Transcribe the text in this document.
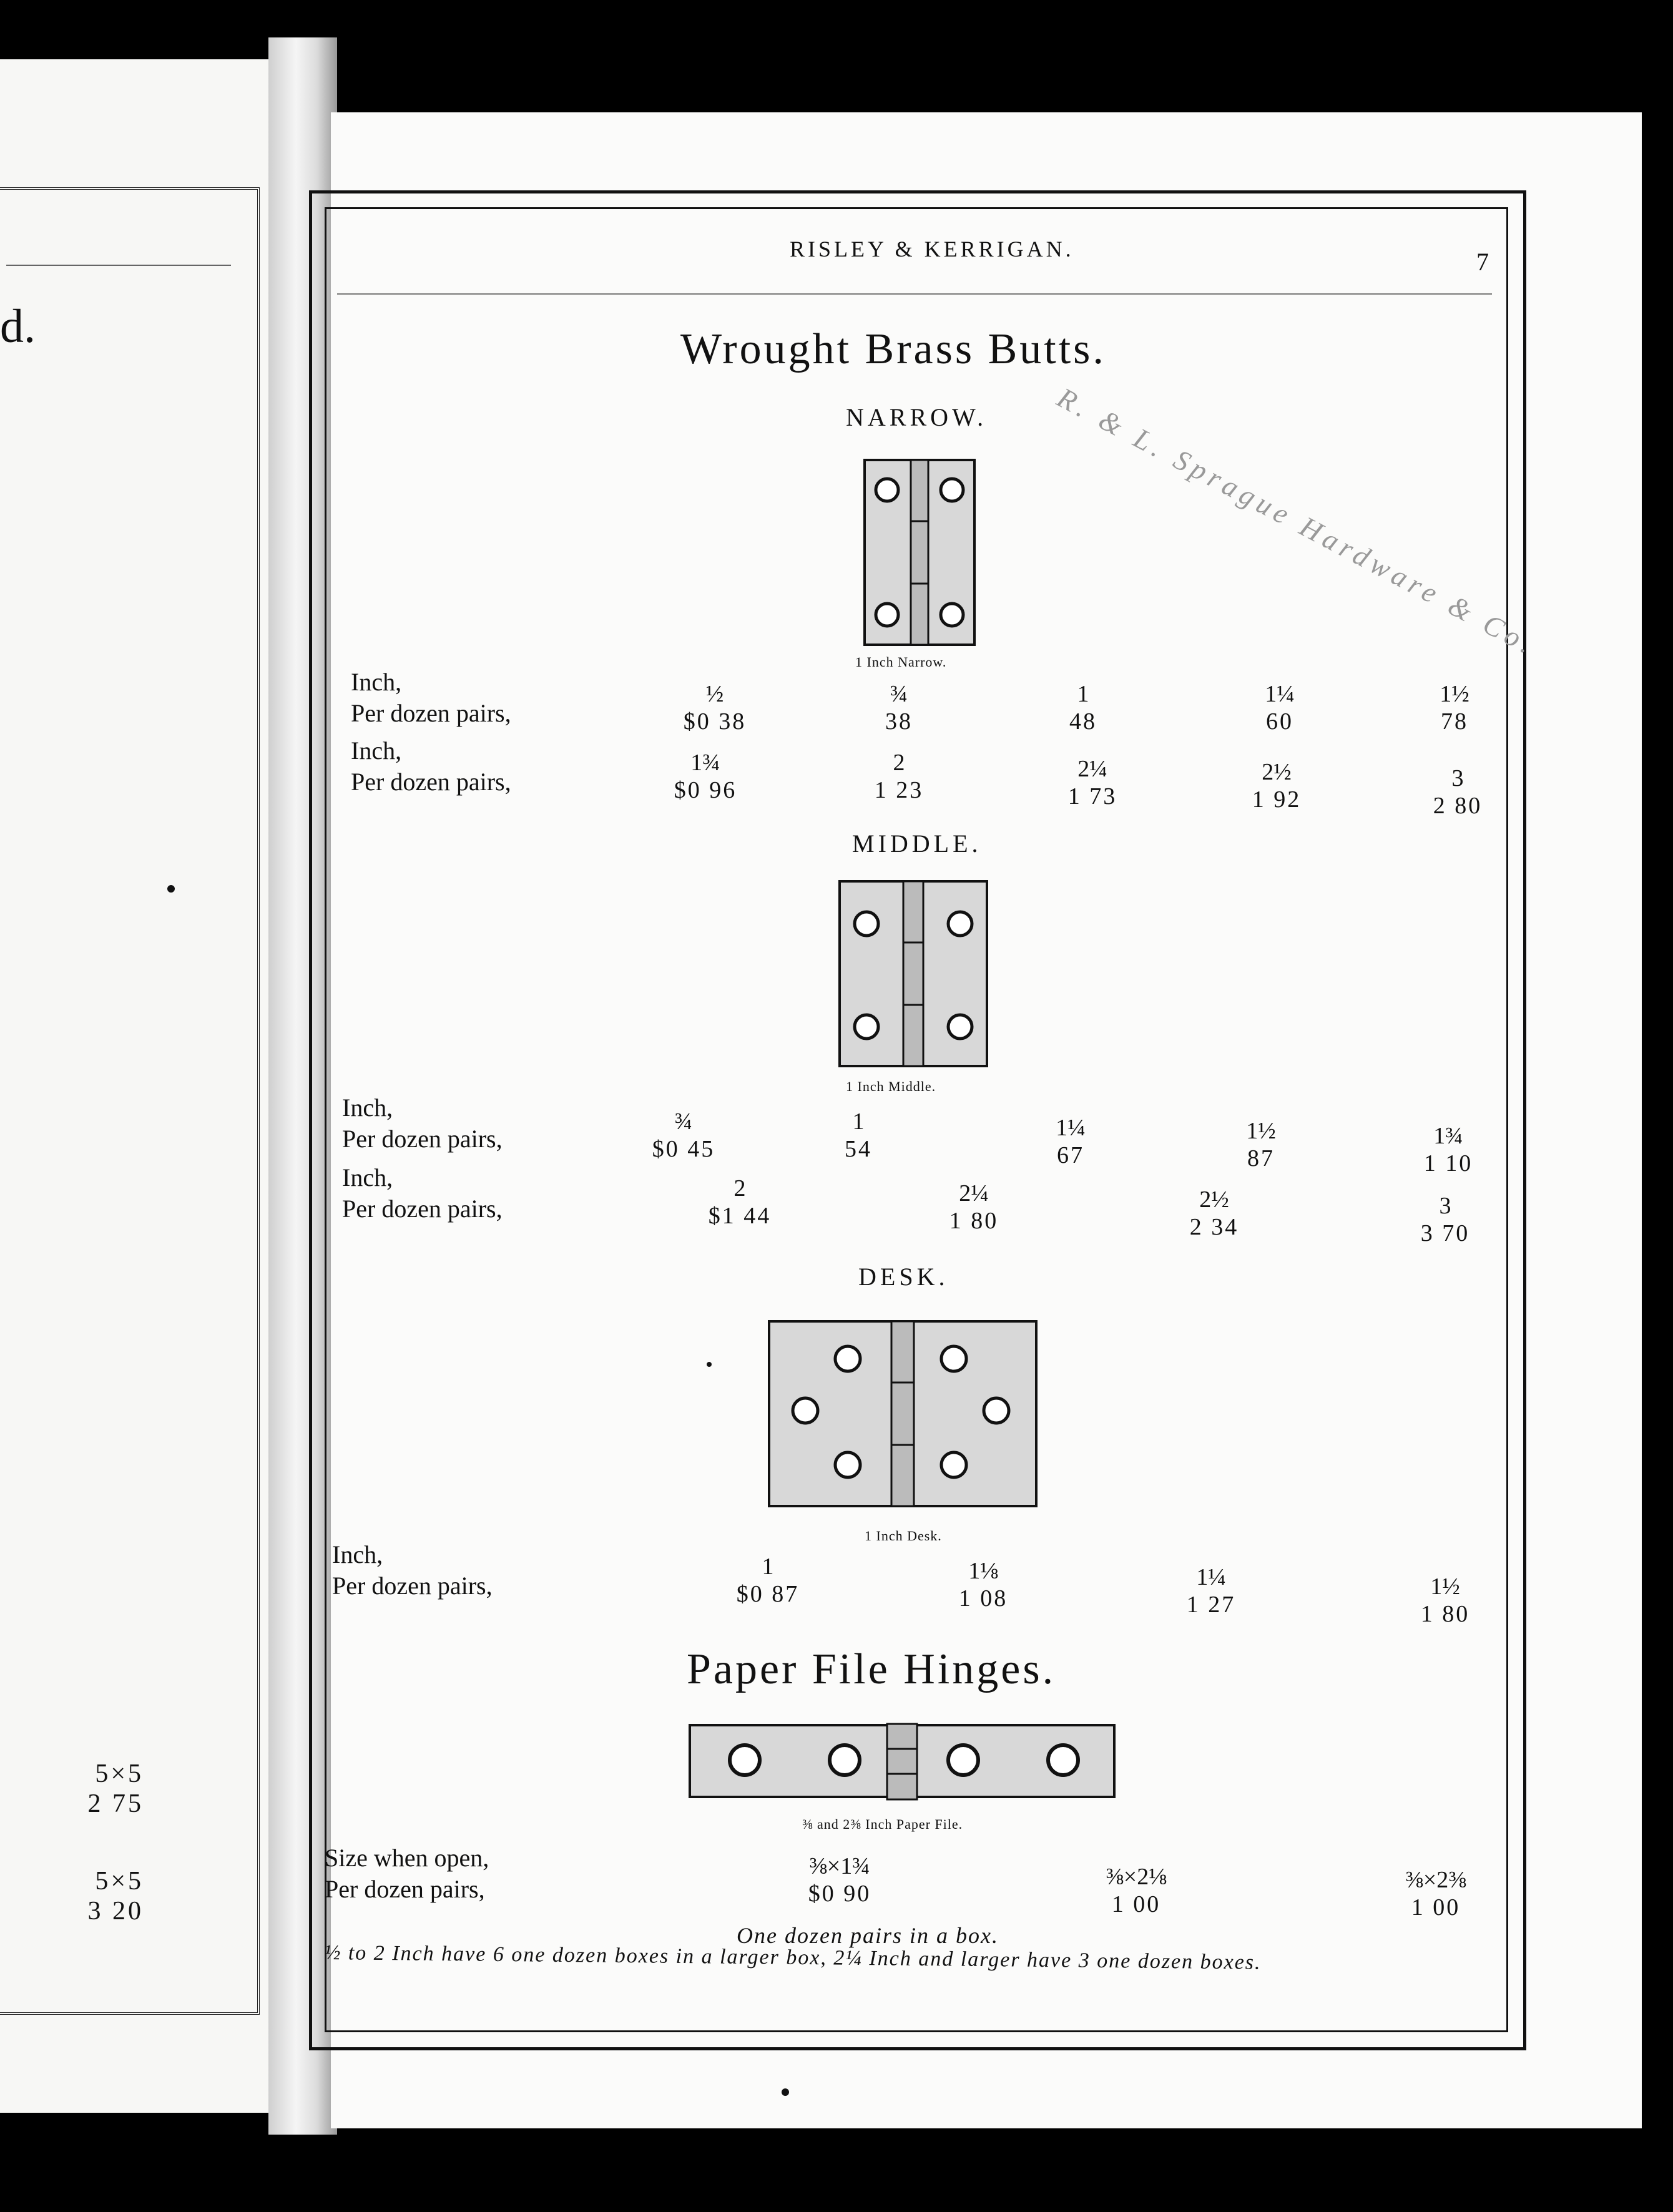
d.
5×5
2 75
5×5
3 20
RISLEY & KERRIGAN.	7
Wrought Brass Butts.
R. & L. Sprague Hardware & Co.
NARROW.
1 Inch Narrow.
Inch,
Per dozen pairs,
½
$0 38
¾
38
1
48
1¼
60
1½
78
Inch,
Per dozen pairs,
1¾
$0 96
2
1 23
2¼
1 73
2½
1 92
3
2 80
MIDDLE.
1 Inch Middle.
Inch,
Per dozen pairs,
¾
$0 45
1
54
1¼
67
1½
87
1¾
1 10
Inch,
Per dozen pairs,
2
$1 44
2¼
1 80
2½
2 34
3
3 70
DESK.
1 Inch Desk.
Inch,
Per dozen pairs,
1
$0 87
1⅛
1 08
1¼
1 27
1½
1 80
Paper File Hinges.
⅜ and 2⅜ Inch Paper File.
Size when open,
Per dozen pairs,
⅜×1¾
$0 90
⅜×2⅛
1 00
⅜×2⅜
1 00
One dozen pairs in a box.
½ to 2 Inch have 6 one dozen boxes in a larger box, 2¼ Inch and larger have 3 one dozen boxes.
